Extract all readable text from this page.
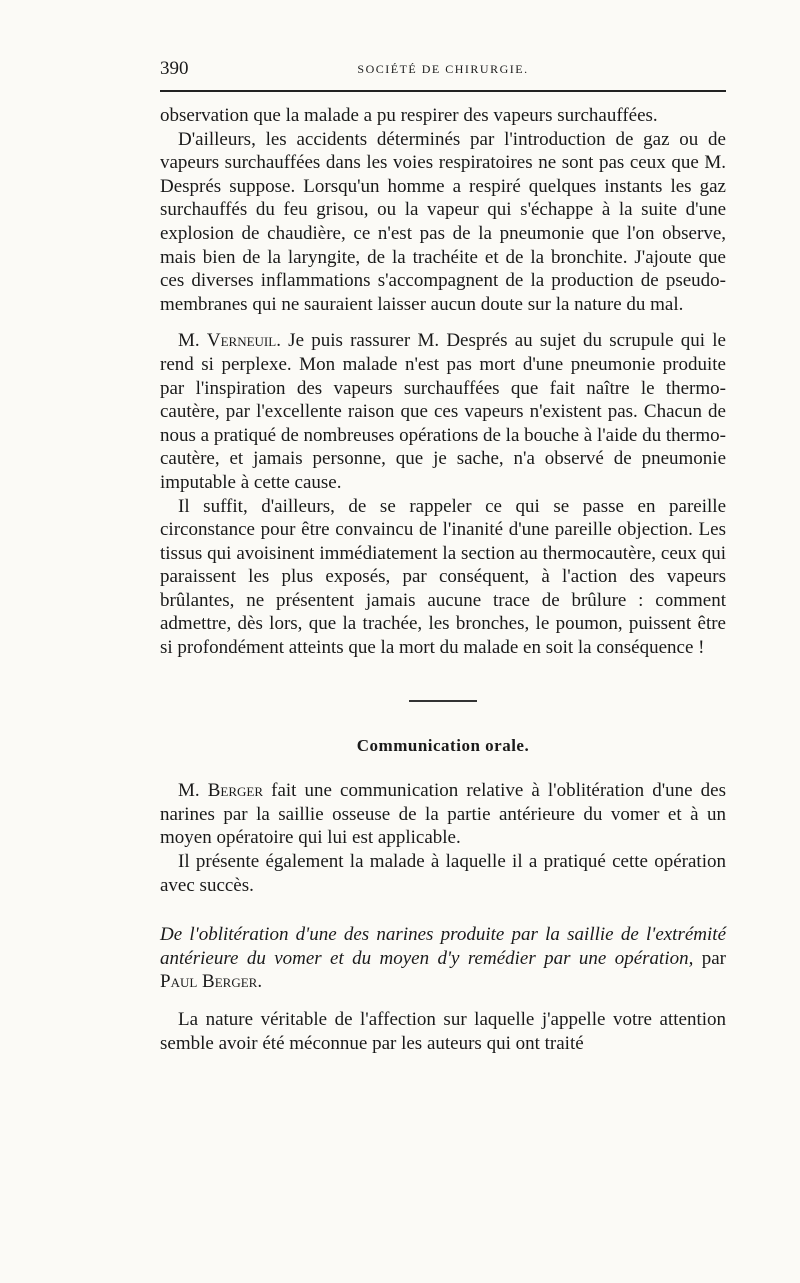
390	SOCIÉTÉ DE CHIRURGIE.

observation que la malade a pu respirer des vapeurs surchauffées.

D'ailleurs, les accidents déterminés par l'introduction de gaz ou de vapeurs surchauffées dans les voies respiratoires ne sont pas ceux que M. Després suppose. Lorsqu'un homme a respiré quelques instants les gaz surchauffés du feu grisou, ou la vapeur qui s'échappe à la suite d'une explosion de chaudière, ce n'est pas de la pneumonie que l'on observe, mais bien de la laryngite, de la trachéite et de la bronchite. J'ajoute que ces diverses inflammations s'accompagnent de la production de pseudo-membranes qui ne sauraient laisser aucun doute sur la nature du mal.

M. Verneuil. Je puis rassurer M. Després au sujet du scrupule qui le rend si perplexe. Mon malade n'est pas mort d'une pneumonie produite par l'inspiration des vapeurs surchauffées que fait naître le thermo-cautère, par l'excellente raison que ces vapeurs n'existent pas. Chacun de nous a pratiqué de nombreuses opérations de la bouche à l'aide du thermo-cautère, et jamais personne, que je sache, n'a observé de pneumonie imputable à cette cause.

Il suffit, d'ailleurs, de se rappeler ce qui se passe en pareille circonstance pour être convaincu de l'inanité d'une pareille objection. Les tissus qui avoisinent immédiatement la section au thermocautère, ceux qui paraissent les plus exposés, par conséquent, à l'action des vapeurs brûlantes, ne présentent jamais aucune trace de brûlure : comment admettre, dès lors, que la trachée, les bronches, le poumon, puissent être si profondément atteints que la mort du malade en soit la conséquence !

Communication orale.

M. Berger fait une communication relative à l'oblitération d'une des narines par la saillie osseuse de la partie antérieure du vomer et à un moyen opératoire qui lui est applicable.

Il présente également la malade à laquelle il a pratiqué cette opération avec succès.

De l'oblitération d'une des narines produite par la saillie de l'extrémité antérieure du vomer et du moyen d'y remédier par une opération, par Paul Berger.

La nature véritable de l'affection sur laquelle j'appelle votre attention semble avoir été méconnue par les auteurs qui ont traité
